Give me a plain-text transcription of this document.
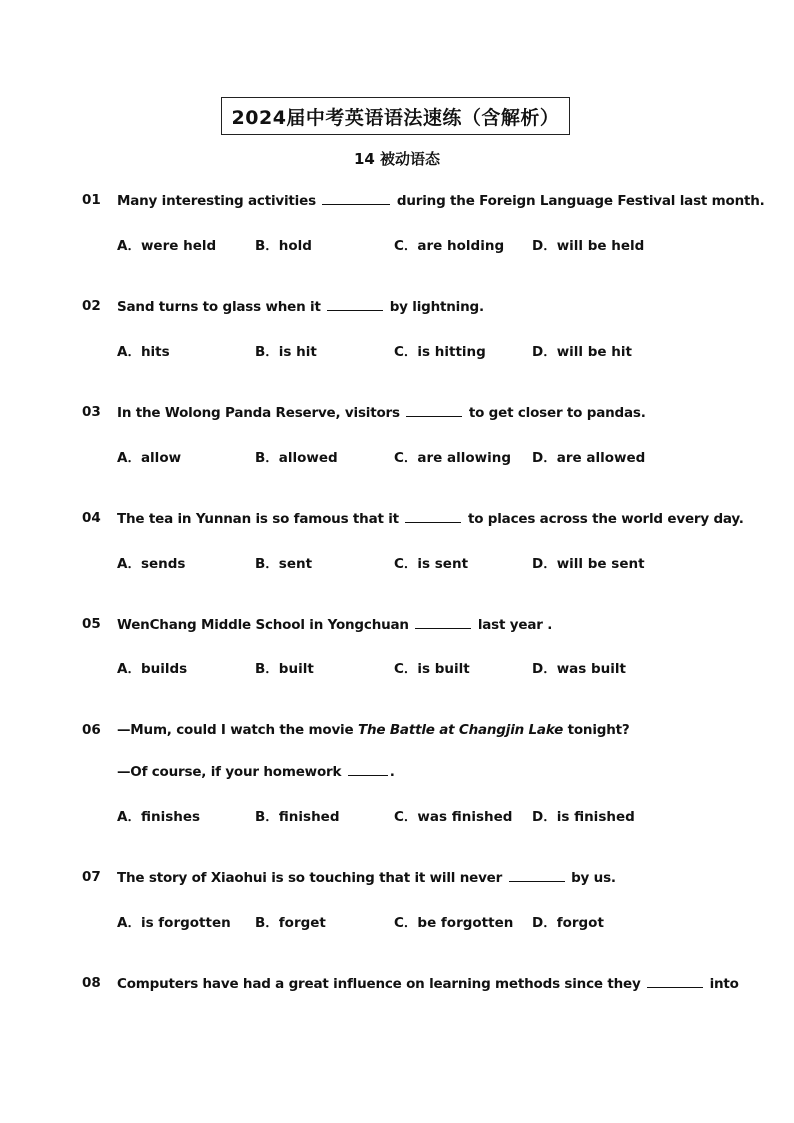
2024届中考英语语法速练（含解析）
14 被动语态
01 Many interesting activities	during the Foreign Language Festival last month.
A．were held	B．hold	C．are holding D．will be held
02 Sand turns to glass when it	by lightning.
A．hits	B．is hit	C．is hitting	D．will be hit
03 In the Wolong Panda Reserve, visitors	to get closer to pandas.
A．allow	B．allowed	C．are allowing D．are allowed
04 The tea in Yunnan is so famous that it	to places across the world every day.
A．sends	B．sent	C．is sent	D．will be sent
05 WenChang Middle School in Yongchuan	last year .
A．builds	B．built	C．is built	D．was built
06 —Mum, could I watch the movie The Battle at Changjin Lake tonight?
—Of course, if your homework	.
A．finishes	B．finished	C．was finished D．is finished
07 The story of Xiaohui is so touching that it will never	by us.
A．is forgotten B．forget	C．be forgotten D．forgot
08 Computers have had a great influence on learning methods since they	into
